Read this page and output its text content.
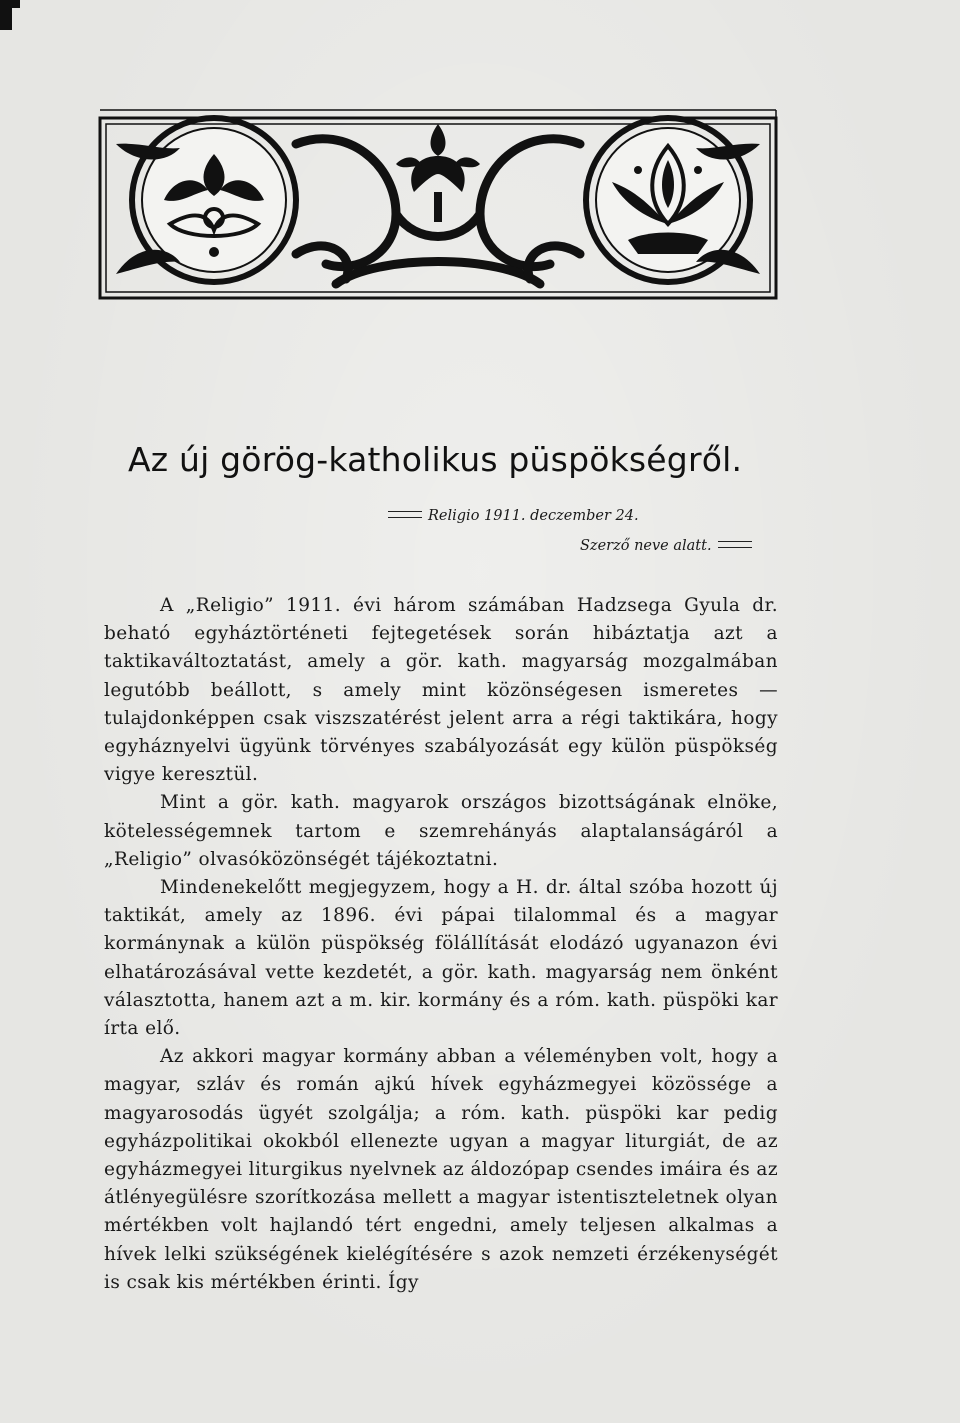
Az új görög-katholikus püspökségről.
Religio 1911. deczember 24.
Szerző neve alatt.

A „Religio” 1911. évi három számában Hadzsega Gyula dr. beható egyháztörténeti fejtegetések során hibáztatja azt a taktikaváltoztatást, amely a gör. kath. magyarság mozgalmában legutóbb beállott, s amely mint közönségesen ismeretes — tulajdonképpen csak viszszatérést jelent arra a régi taktikára, hogy egyháznyelvi ügyünk törvényes szabályozását egy külön püspökség vigye keresztül.

Mint a gör. kath. magyarok országos bizottságának elnöke, kötelességemnek tartom e szemrehányás alaptalanságáról a „Religio” olvasóközönségét tájékoztatni.

Mindenekelőtt megjegyzem, hogy a H. dr. által szóba hozott új taktikát, amely az 1896. évi pápai tilalommal és a magyar kormánynak a külön püspökség fölállítását elodázó ugyanazon évi elhatározásával vette kezdetét, a gör. kath. magyarság nem önként választotta, hanem azt a m. kir. kormány és a róm. kath. püspöki kar írta elő.

Az akkori magyar kormány abban a véleményben volt, hogy a magyar, szláv és román ajkú hívek egyházmegyei közössége a magyarosodás ügyét szolgálja; a róm. kath. püspöki kar pedig egyházpolitikai okokból ellenezte ugyan a magyar liturgiát, de az egyházmegyei liturgikus nyelvnek az áldozópap csendes imáira és az átlényegülésre szorítkozása mellett a magyar istentiszteletnek olyan mértékben volt hajlandó tért engedni, amely teljesen alkalmas a hívek lelki szükségének kielégítésére s azok nemzeti érzékenységét is csak kis mértékben érinti. Így
